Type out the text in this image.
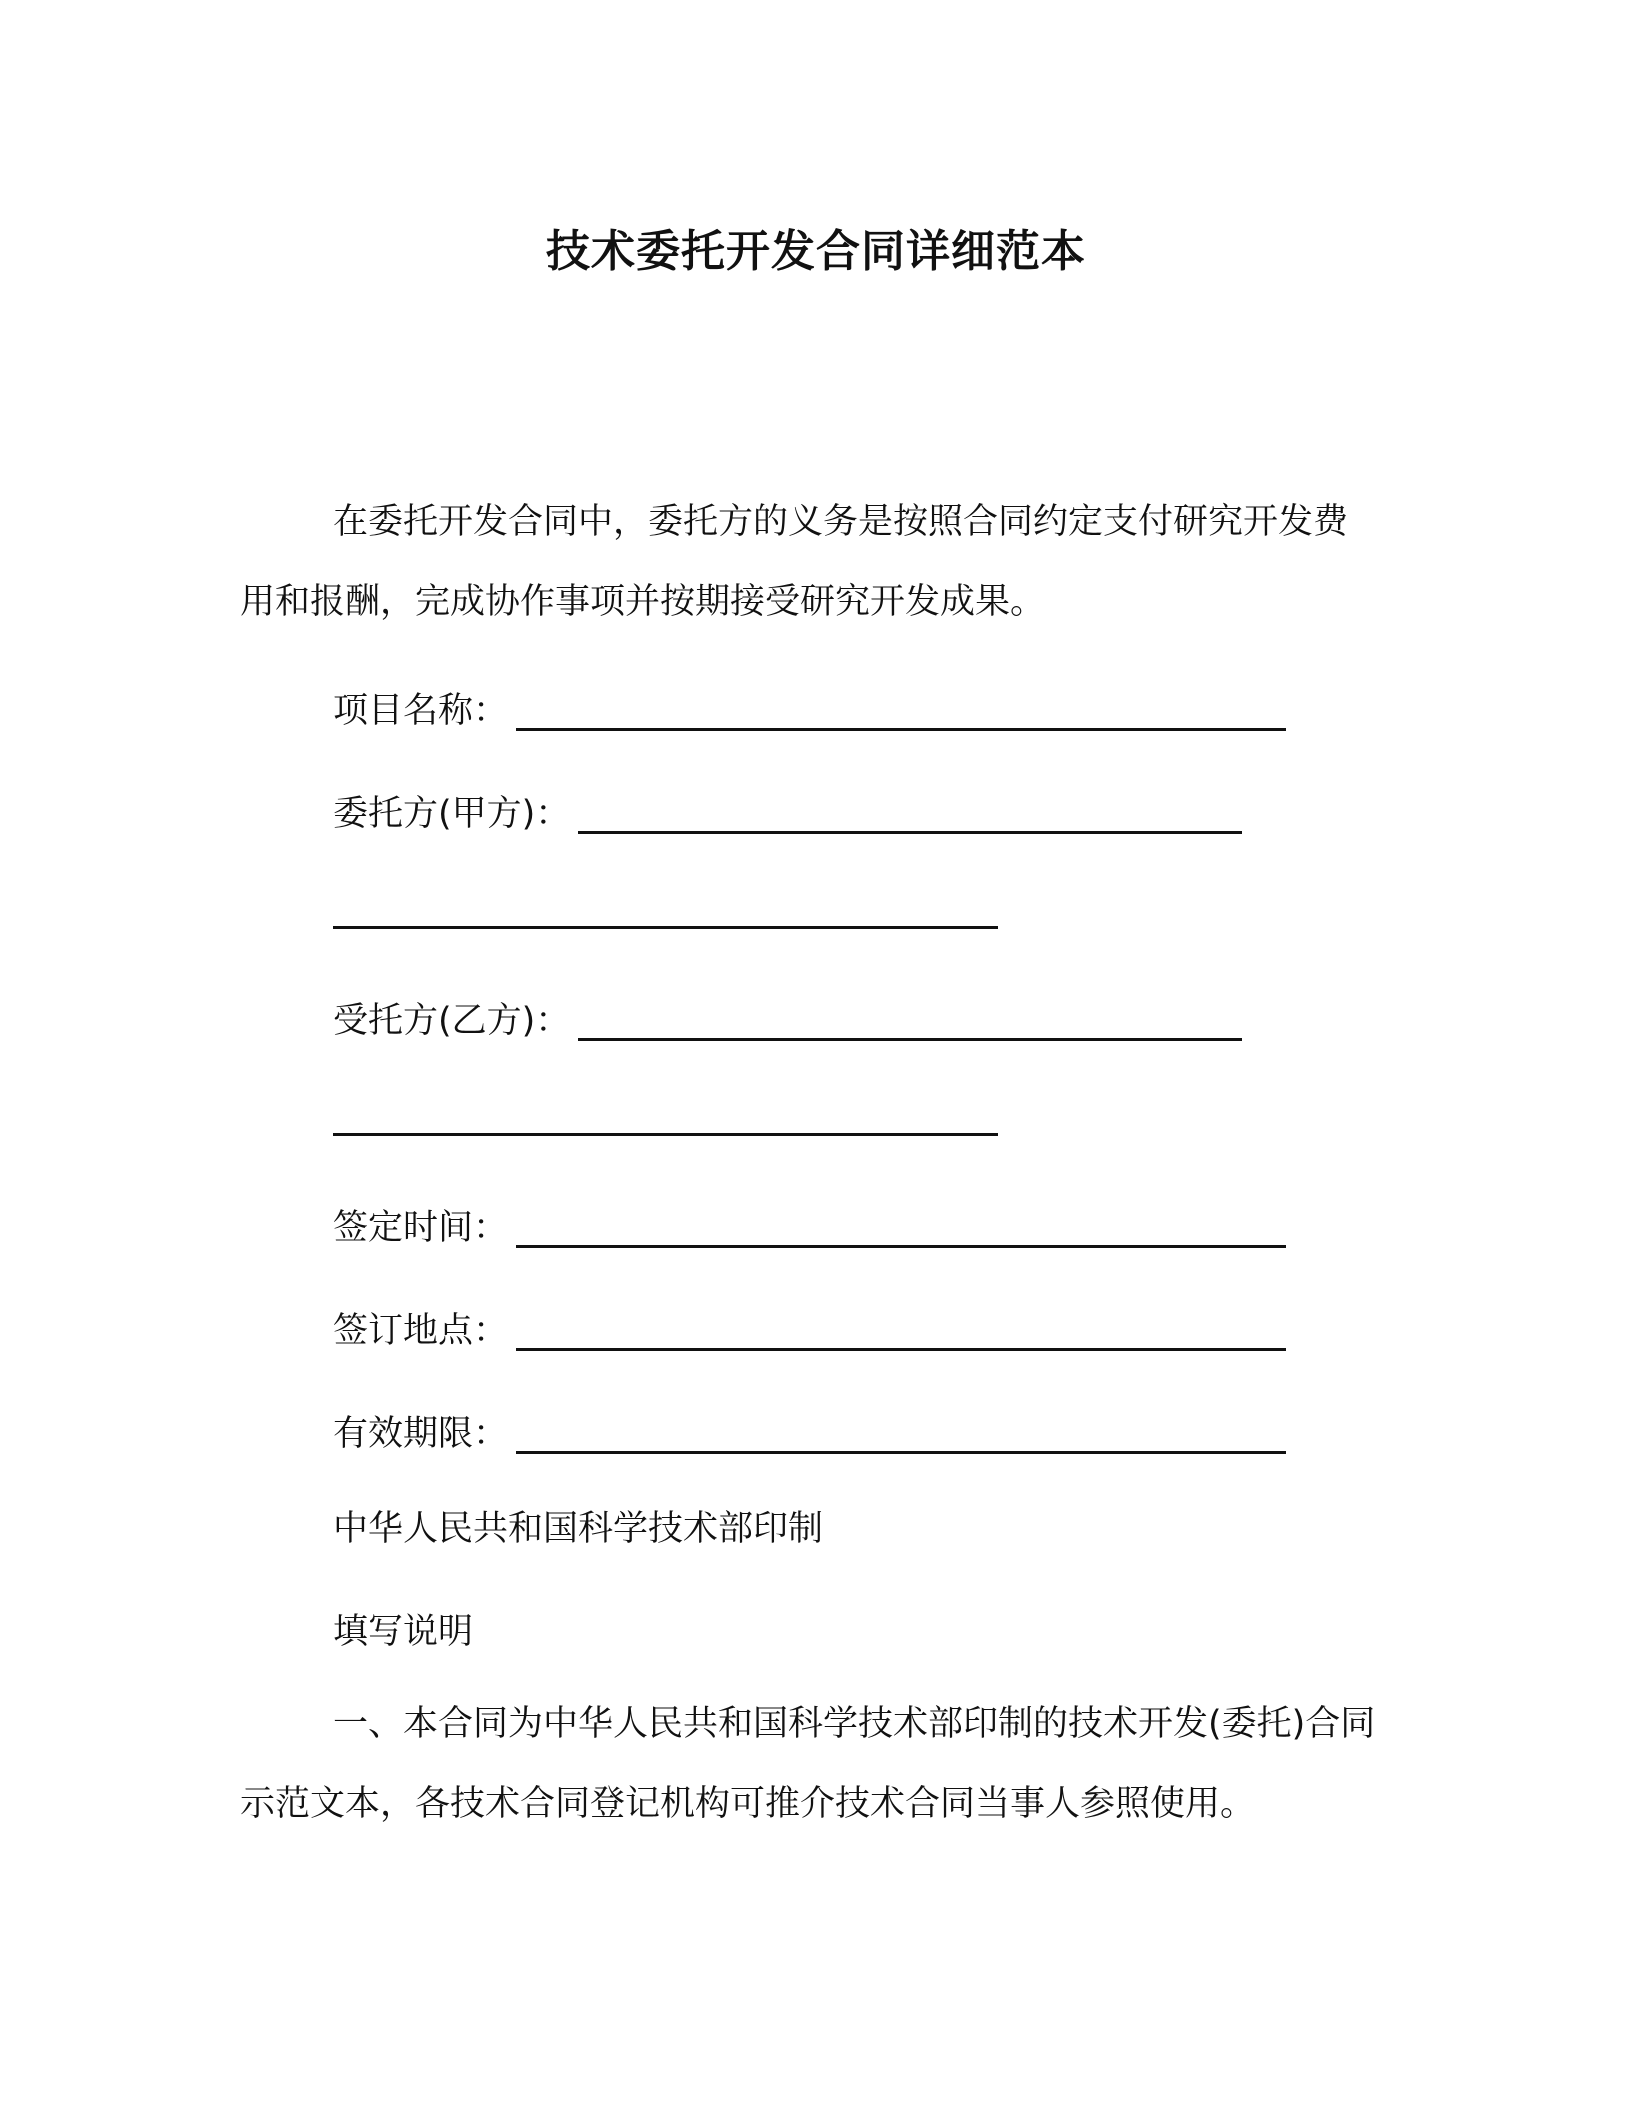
技术委托开发合同详细范本
在委托开发合同中，委托方的义务是按照合同约定支付研究开发费用和报酬，完成协作事项并按期接受研究开发成果。
项目名称：
委托方(甲方)：
受托方(乙方)：
签定时间：
签订地点：
有效期限：
中华人民共和国科学技术部印制
填写说明
一、本合同为中华人民共和国科学技术部印制的技术开发(委托)合同示范文本，各技术合同登记机构可推介技术合同当事人参照使用。
